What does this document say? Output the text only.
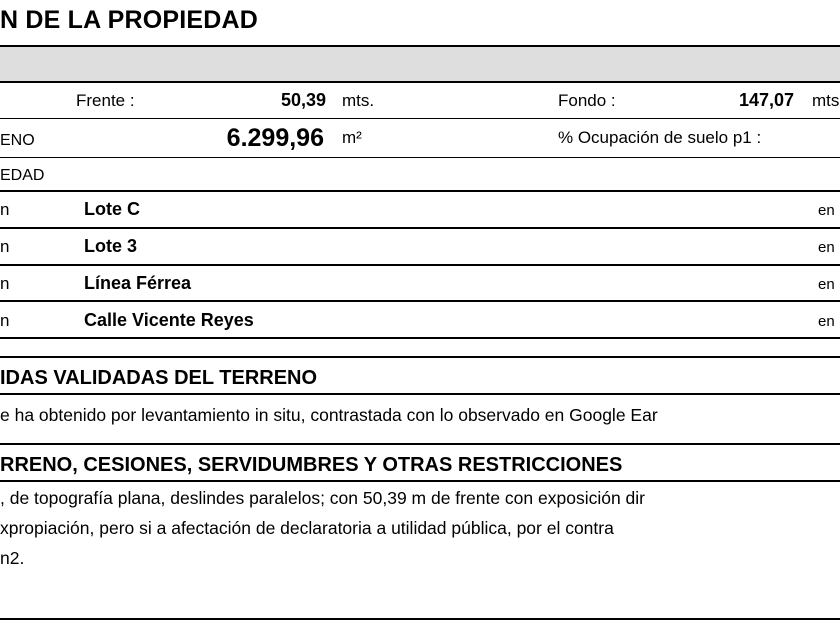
N DE LA PROPIEDAD
Frente :	50,39 mts.	Fondo :	147,07 mts
ENO	6.299,96 m²	% Ocupación de suelo p1 :
EDAD
n	Lote C	en
n	Lote 3	en
n	Línea Férrea	en
n	Calle Vicente Reyes	en
IDAS VALIDADAS DEL TERRENO
e ha obtenido por levantamiento in situ, contrastada con lo observado en Google Ear
RRENO, CESIONES, SERVIDUMBRES Y OTRAS RESTRICCIONES
, de topografía plana, deslindes paralelos; con 50,39 m de frente con exposición dir
xpropiación, pero si a afectación de declaratoria a utilidad pública, por el contra
n2.
